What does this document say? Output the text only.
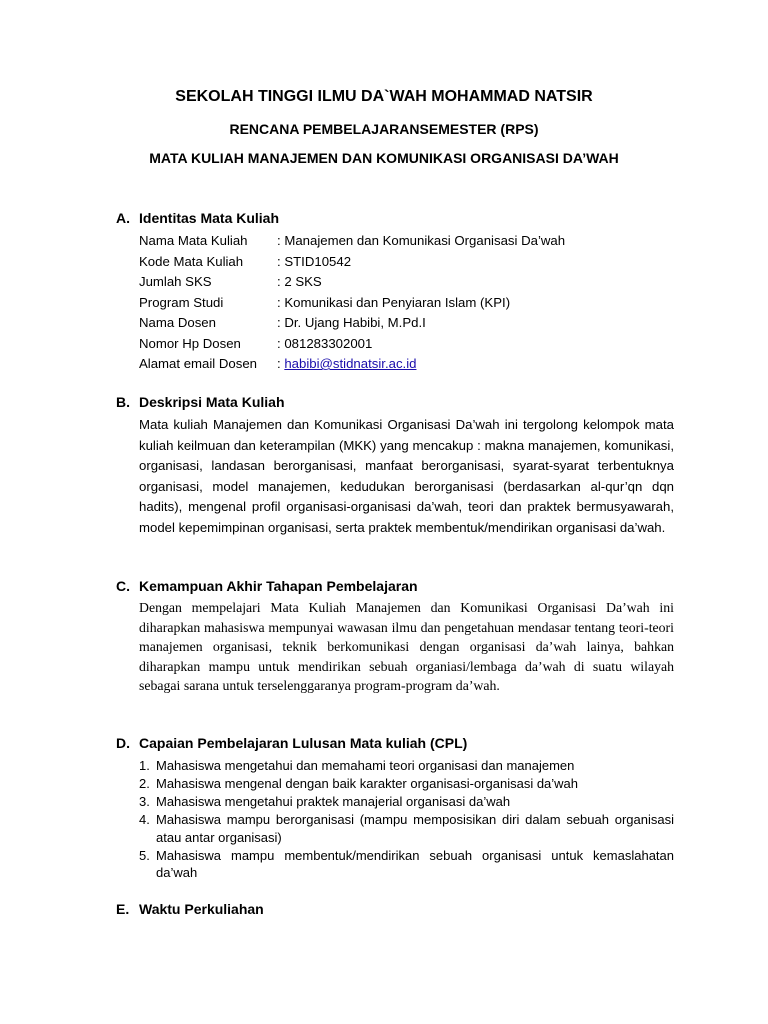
SEKOLAH TINGGI ILMU DA`WAH MOHAMMAD NATSIR
RENCANA PEMBELAJARANSEMESTER (RPS)
MATA KULIAH MANAJEMEN DAN KOMUNIKASI ORGANISASI DA’WAH
A. Identitas Mata Kuliah
Nama Mata Kuliah : Manajemen dan Komunikasi Organisasi Da’wah
Kode Mata Kuliah	: STID10542
Jumlah SKS	: 2 SKS
Program Studi	: Komunikasi dan Penyiaran Islam (KPI)
Nama Dosen	: Dr. Ujang Habibi, M.Pd.I
Nomor Hp Dosen	: 081283302001
Alamat email Dosen : habibi@stidnatsir.ac.id
B. Deskripsi Mata Kuliah
Mata kuliah Manajemen dan Komunikasi Organisasi Da’wah ini tergolong kelompok mata kuliah keilmuan dan keterampilan (MKK) yang mencakup : makna manajemen, komunikasi, organisasi, landasan berorganisasi, manfaat berorganisasi, syarat-syarat terbentuknya organisasi, model manajemen, kedudukan berorganisasi (berdasarkan al-qur’qn dqn hadits), mengenal profil organisasi-organisasi da’wah, teori dan praktek bermusyawarah, model kepemimpinan organisasi, serta praktek membentuk/mendirikan organisasi da’wah.
C. Kemampuan Akhir Tahapan Pembelajaran
Dengan mempelajari Mata Kuliah Manajemen dan Komunikasi Organisasi Da’wah ini diharapkan mahasiswa mempunyai wawasan ilmu dan pengetahuan mendasar tentang teori-teori manajemen organisasi, teknik berkomunikasi dengan organisasi da’wah lainya, bahkan diharapkan mampu untuk mendirikan sebuah organiasi/lembaga da’wah di suatu wilayah sebagai sarana untuk terselenggaranya program-program da’wah.
D. Capaian Pembelajaran Lulusan Mata kuliah (CPL)
1. Mahasiswa mengetahui dan memahami teori organisasi dan manajemen
2. Mahasiswa mengenal dengan baik karakter organisasi-organisasi da’wah
3. Mahasiswa mengetahui praktek manajerial organisasi da’wah
4. Mahasiswa mampu berorganisasi (mampu memposisikan diri dalam sebuah organisasi atau antar organisasi)
5. Mahasiswa mampu membentuk/mendirikan sebuah organisasi untuk kemaslahatan da’wah
E. Waktu Perkuliahan
